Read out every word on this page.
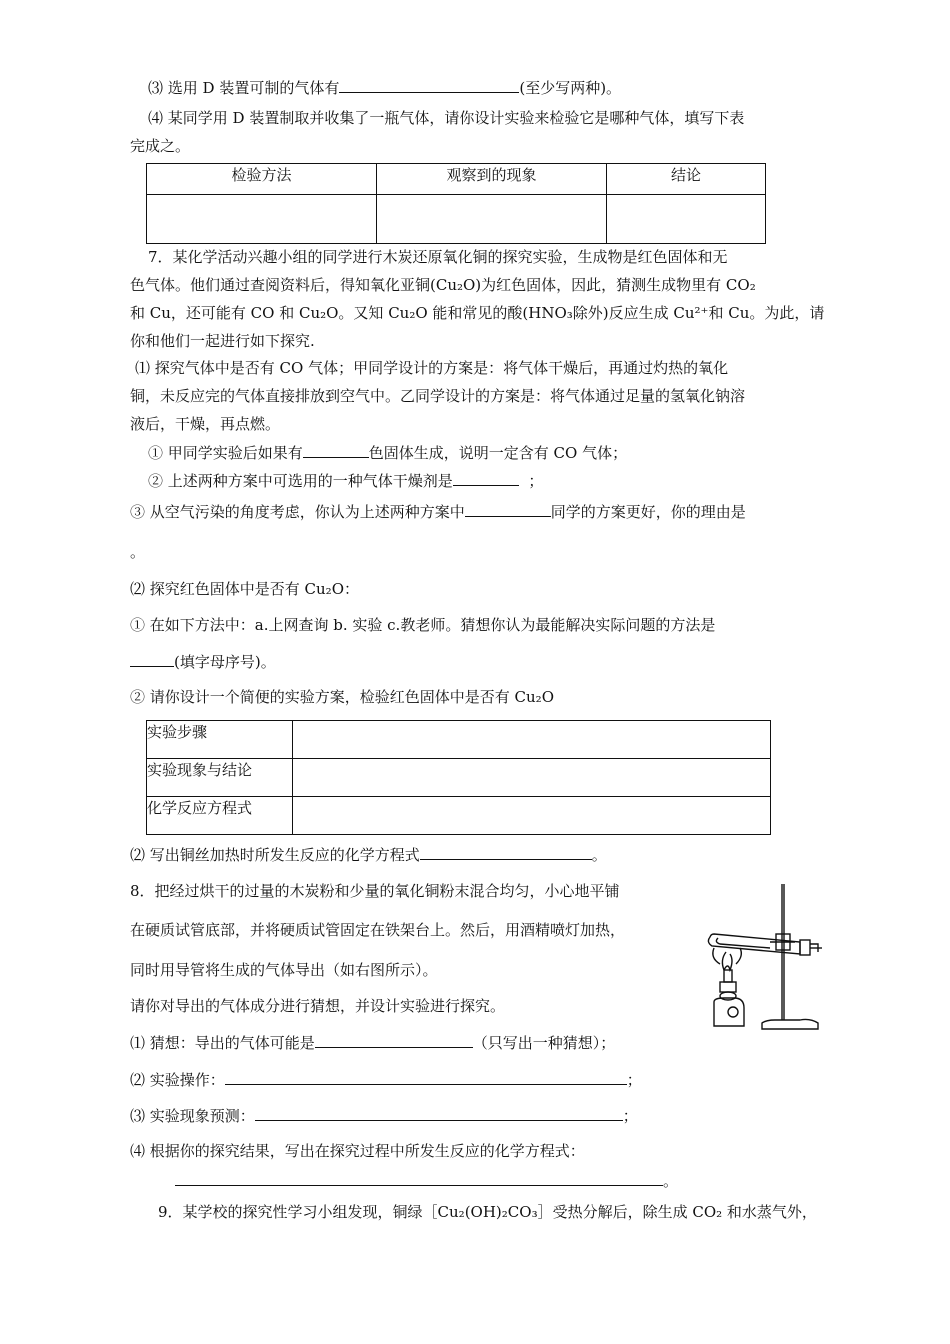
⑶ 选用 D 装置可制的气体有	(至少写两种)。
⑷ 某同学用 D 装置制取并收集了一瓶气体，请你设计实验来检验它是哪种气体，填写下表
完成之。
检验方法	观察到的现象	结论

7．某化学活动兴趣小组的同学进行木炭还原氧化铜的探究实验，生成物是红色固体和无
色气体。他们通过查阅资料后，得知氧化亚铜(Cu₂O)为红色固体，因此，猜测生成物里有 CO₂
和 Cu，还可能有 CO 和 Cu₂O。又知 Cu₂O 能和常见的酸(HNO₃除外)反应生成 Cu²⁺和 Cu。为此，请
你和他们一起进行如下探究.
⑴ 探究气体中是否有 CO 气体；甲同学设计的方案是：将气体干燥后，再通过灼热的氧化
铜，未反应完的气体直接排放到空气中。乙同学设计的方案是：将气体通过足量的氢氧化钠溶
液后，干燥，再点燃。
① 甲同学实验后如果有	色固体生成，说明一定含有 CO 气体；
② 上述两种方案中可选用的一种气体干燥剂是	；
③ 从空气污染的角度考虑，你认为上述两种方案中	同学的方案更好，你的理由是
。
⑵ 探究红色固体中是否有 Cu₂O：
① 在如下方法中：a.上网查询 b. 实验 c.教老师。猜想你认为最能解决实际问题的方法是
(填字母序号)。
② 请你设计一个简便的实验方案，检验红色固体中是否有 Cu₂O
实验步骤	
实验现象与结论	
化学反应方程式	
⑵ 写出铜丝加热时所发生反应的化学方程式	。
8．把经过烘干的过量的木炭粉和少量的氧化铜粉末混合均匀，小心地平铺
在硬质试管底部，并将硬质试管固定在铁架台上。然后，用酒精喷灯加热，
同时用导管将生成的气体导出（如右图所示）。
请你对导出的气体成分进行猜想，并设计实验进行探究。
⑴ 猜想：导出的气体可能是	（只写出一种猜想）；
⑵ 实验操作：	；
⑶ 实验现象预测：	；
⑷ 根据你的探究结果，写出在探究过程中所发生反应的化学方程式：
。
9．某学校的探究性学习小组发现，铜绿［Cu₂(OH)₂CO₃］受热分解后，除生成 CO₂ 和水蒸气外，
